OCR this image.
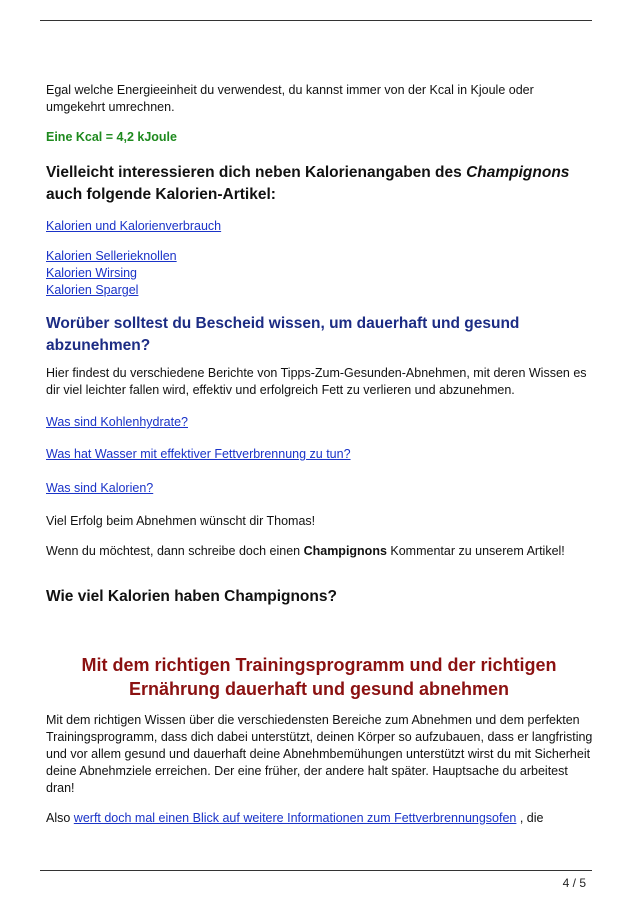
Egal welche Energieeinheit du verwendest, du kannst immer von der Kcal in Kjoule oder umgekehrt umrechnen.

Eine Kcal = 4,2 kJoule

Vielleicht interessieren dich neben Kalorienangaben des Champignons auch folgende Kalorien-Artikel:

Kalorien und Kalorienverbrauch

Kalorien Sellerieknollen
Kalorien Wirsing
Kalorien Spargel

Worüber solltest du Bescheid wissen, um dauerhaft und gesund abzunehmen?

Hier findest du verschiedene Berichte von Tipps-Zum-Gesunden-Abnehmen, mit deren Wissen es dir viel leichter fallen wird, effektiv und erfolgreich Fett zu verlieren und abzunehmen.

Was sind Kohlenhydrate?

Was hat Wasser mit effektiver Fettverbrennung zu tun?

Was sind Kalorien?

Viel Erfolg beim Abnehmen wünscht dir Thomas!

Wenn du möchtest, dann schreibe doch einen Champignons Kommentar zu unserem Artikel!

Wie viel Kalorien haben Champignons?
Mit dem richtigen Trainingsprogramm und der richtigen Ernährung dauerhaft und gesund abnehmen

Mit dem richtigen Wissen über die verschiedensten Bereiche zum Abnehmen und dem perfekten Trainingsprogramm, dass dich dabei unterstützt, deinen Körper so aufzubauen, dass er langfristing und vor allem gesund und dauerhaft deine Abnehmbemühungen unterstützt wirst du mit Sicherheit deine Abnehmziele erreichen. Der eine früher, der andere halt später. Hauptsache du arbeitest dran!

Also werft doch mal einen Blick auf weitere Informationen zum Fettverbrennungsofen , die

4 / 5
